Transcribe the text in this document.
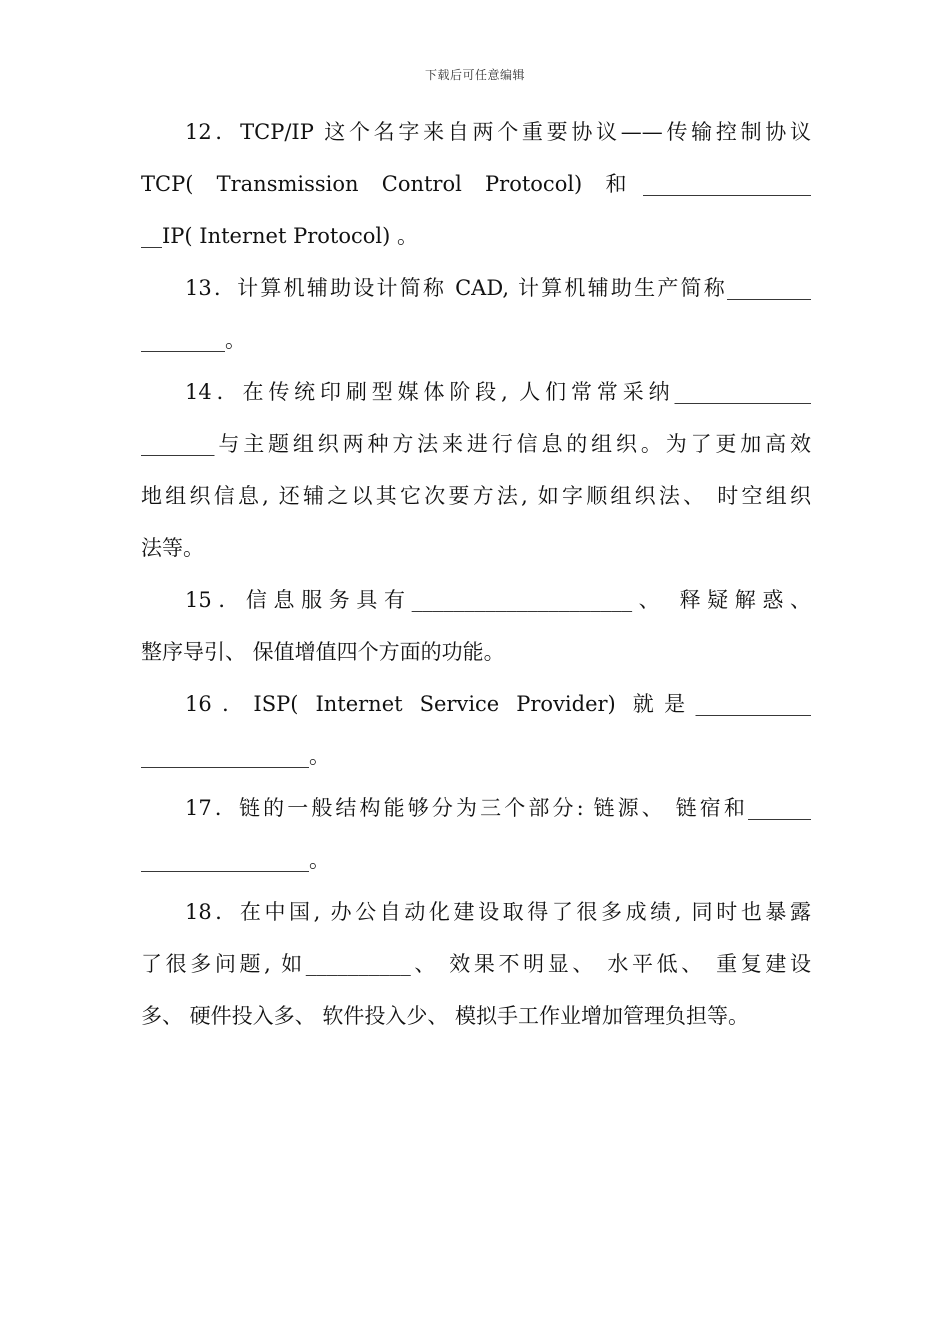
下载后可任意编辑
12．TCP/IP 这个名字来自两个重要协议——传输控制协议
TCP( Transmission Control Protocol) 和________________
__IP( Internet Protocol) 。
13．计算机辅助设计简称 CAD, 计算机辅助生产简称________
________。
14．在传统印刷型媒体阶段, 人们常常采纳_____________
_______与主题组织两种方法来进行信息的组织。为了更加高效
地组织信息, 还辅之以其它次要方法, 如字顺组织法、 时空组织
法等。
15．信息服务具有_____________________、 释疑解惑、
整序导引、 保值增值四个方面的功能。
16．ISP( Internet Service Provider) 就是___________
________________。
17．链的一般结构能够分为三个部分: 链源、 链宿和______
________________。
18．在中国, 办公自动化建设取得了很多成绩, 同时也暴露
了很多问题, 如__________、 效果不明显、 水平低、 重复建设
多、 硬件投入多、 软件投入少、 模拟手工作业增加管理负担等。
